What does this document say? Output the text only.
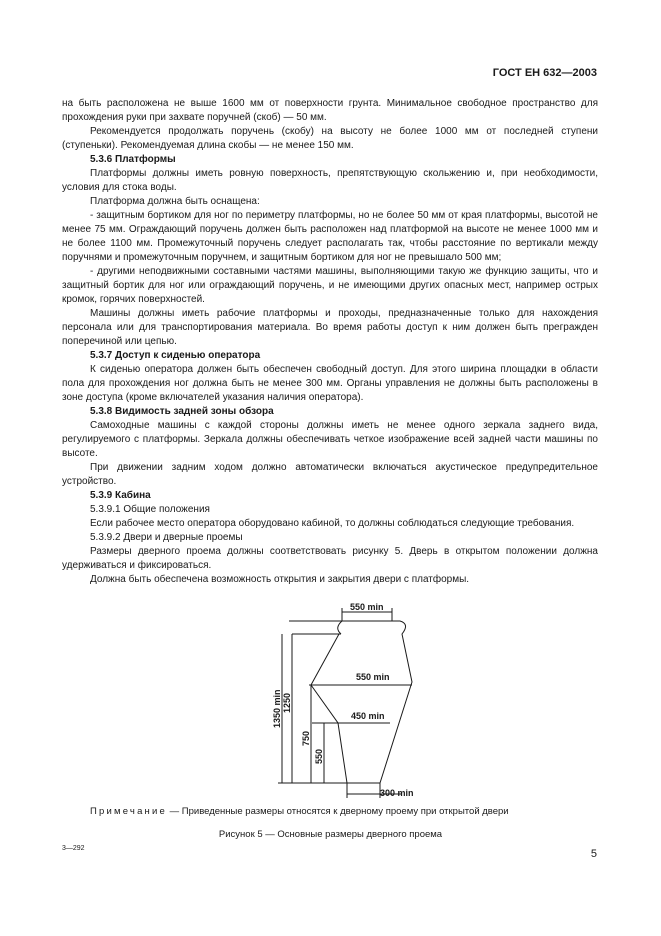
ГОСТ ЕН 632—2003

на быть расположена не выше 1600 мм от поверхности грунта. Минимальное свободное пространство для прохождения руки при захвате поручней (скоб) — 50 мм.

Рекомендуется продолжать поручень (скобу) на высоту не более 1000 мм от последней ступени (ступеньки). Рекомендуемая длина скобы — не менее 150 мм.

5.3.6 Платформы

Платформы должны иметь ровную поверхность, препятствующую скольжению и, при необходимости, условия для стока воды.

Платформа должна быть оснащена:

- защитным бортиком для ног по периметру платформы, но не более 50 мм от края платформы, высотой не менее 75 мм. Ограждающий поручень должен быть расположен над платформой на высоте не менее 1000 мм и не более 1100 мм. Промежуточный поручень следует располагать так, чтобы расстояние по вертикали между поручнями и промежуточным поручнем, и защитным бортиком для ног не превышало 500 мм;

- другими неподвижными составными частями машины, выполняющими такую же функцию защиты, что и защитный бортик для ног или ограждающий поручень, и не имеющими других опасных мест, например острых кромок, горячих поверхностей.

Машины должны иметь рабочие платформы и проходы, предназначенные только для нахождения персонала или для транспортирования материала. Во время работы доступ к ним должен быть прегражден поперечиной или цепью.

5.3.7 Доступ к сиденью оператора

К сиденью оператора должен быть обеспечен свободный доступ. Для этого ширина площадки в области пола для прохождения ног должна быть не менее 300 мм. Органы управления не должны быть расположены в зоне доступа (кроме включателей указания наличия оператора).

5.3.8 Видимость задней зоны обзора

Самоходные машины с каждой стороны должны иметь не менее одного зеркала заднего вида, регулируемого с платформы. Зеркала должны обеспечивать четкое изображение всей задней части машины по высоте.

При движении задним ходом должно автоматически включаться акустическое предупредительное устройство.

5.3.9 Кабина

5.3.9.1 Общие положения

Если рабочее место оператора оборудовано кабиной, то должны соблюдаться следующие требования.

5.3.9.2 Двери и дверные проемы

Размеры дверного проема должны соответствовать рисунку 5. Дверь в открытом положении должна удерживаться и фиксироваться.

Должна быть обеспечена возможность открытия и закрытия двери с платформы.

550 min
550 min
450 min
300 min
1350 min 1250
750
550
Примечание — Приведенные размеры относятся к дверному проему при открытой двери
Рисунок 5 — Основные размеры дверного проема
3—292	5
